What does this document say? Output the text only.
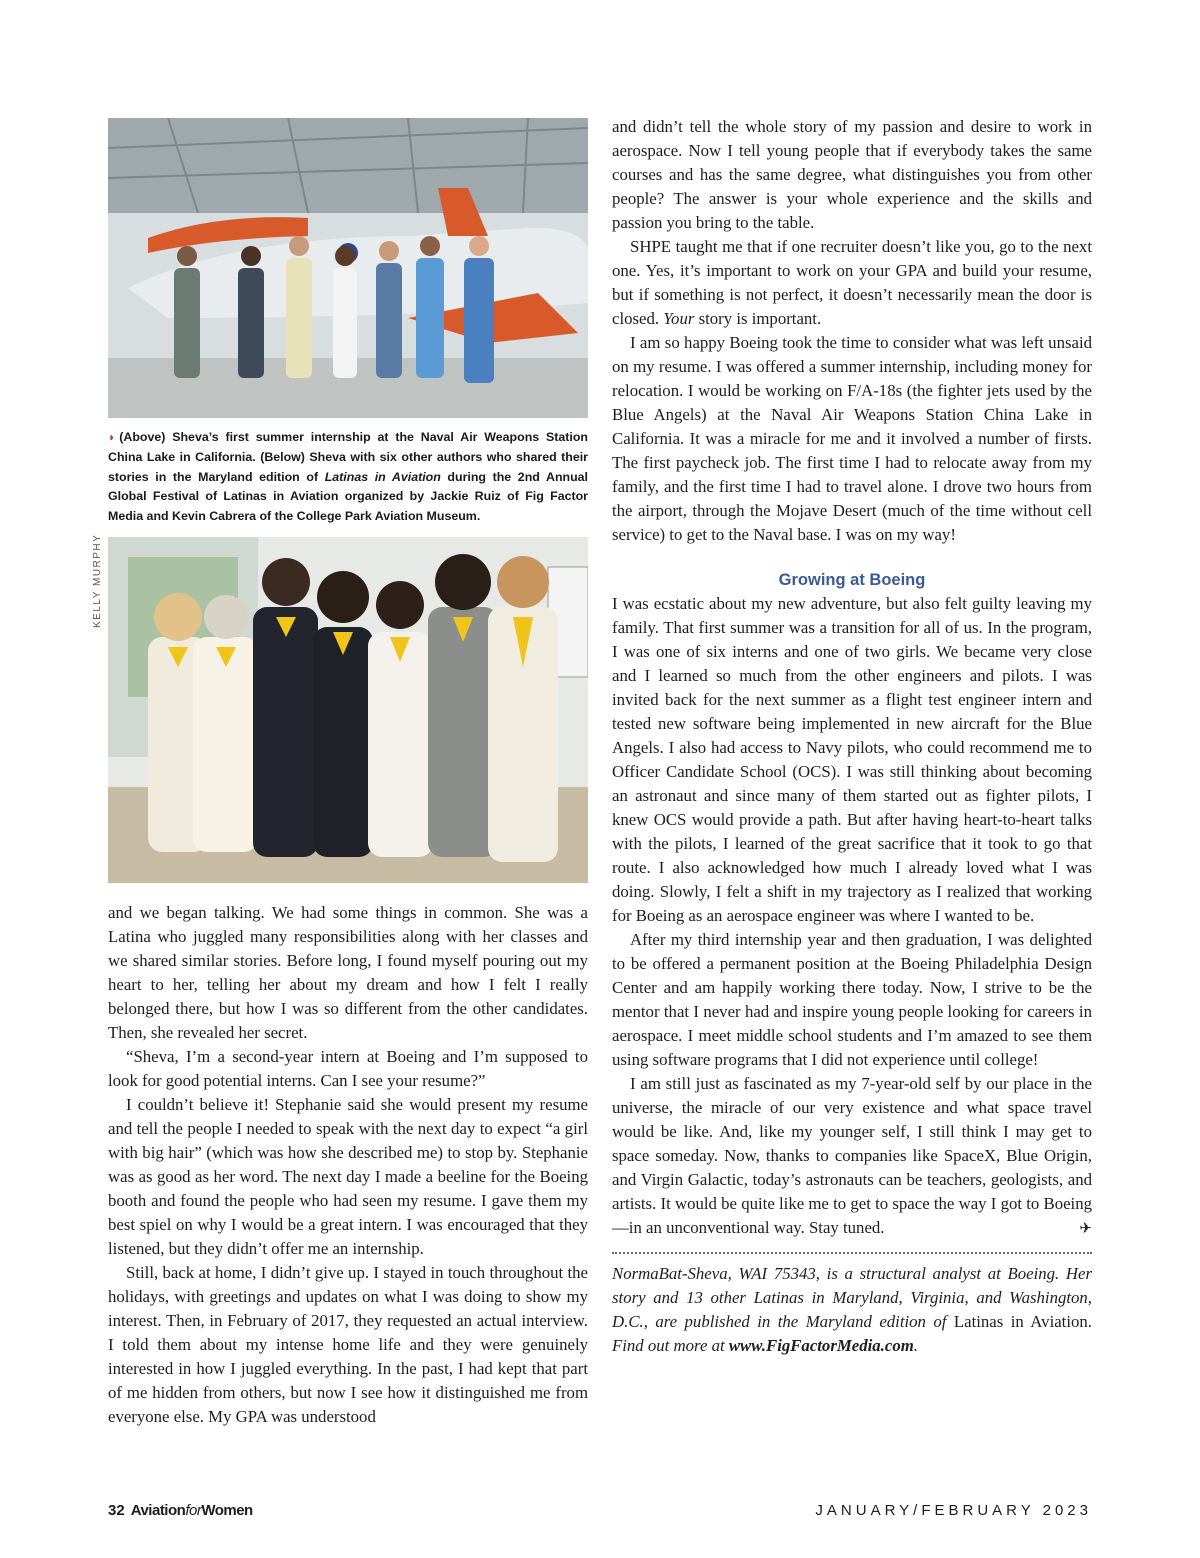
◗ (Above) Sheva’s first summer internship at the Naval Air Weapons Station China Lake in California. (Below) Sheva with six other authors who shared their stories in the Maryland edition of Latinas in Aviation during the 2nd Annual Global Festival of Latinas in Aviation organized by Jackie Ruiz of Fig Factor Media and Kevin Cabrera of the College Park Aviation Museum.
KELLY MURPHY

and we began talking. We had some things in common. She was a Latina who juggled many responsibilities along with her classes and we shared similar stories. Before long, I found myself pouring out my heart to her, telling her about my dream and how I felt I really belonged there, but how I was so different from the other candidates. Then, she revealed her secret.

“Sheva, I’m a second-year intern at Boeing and I’m supposed to look for good potential interns. Can I see your resume?”

I couldn’t believe it! Stephanie said she would present my resume and tell the people I needed to speak with the next day to expect “a girl with big hair” (which was how she described me) to stop by. Stephanie was as good as her word. The next day I made a beeline for the Boeing booth and found the people who had seen my resume. I gave them my best spiel on why I would be a great intern. I was encouraged that they listened, but they didn’t offer me an internship.

Still, back at home, I didn’t give up. I stayed in touch throughout the holidays, with greetings and updates on what I was doing to show my interest. Then, in February of 2017, they requested an actual interview. I told them about my intense home life and they were genuinely interested in how I juggled everything. In the past, I had kept that part of me hidden from others, but now I see how it distinguished me from everyone else. My GPA was understood

and didn’t tell the whole story of my passion and desire to work in aerospace. Now I tell young people that if everybody takes the same courses and has the same degree, what distinguishes you from other people? The answer is your whole experience and the skills and passion you bring to the table.

SHPE taught me that if one recruiter doesn’t like you, go to the next one. Yes, it’s important to work on your GPA and build your resume, but if something is not perfect, it doesn’t necessarily mean the door is closed. Your story is important.

I am so happy Boeing took the time to consider what was left unsaid on my resume. I was offered a summer internship, including money for relocation. I would be working on F/A-18s (the fighter jets used by the Blue Angels) at the Naval Air Weapons Station China Lake in California. It was a miracle for me and it involved a number of firsts. The first paycheck job. The first time I had to relocate away from my family, and the first time I had to travel alone. I drove two hours from the airport, through the Mojave Desert (much of the time without cell service) to get to the Naval base. I was on my way!

Growing at Boeing

I was ecstatic about my new adventure, but also felt guilty leaving my family. That first summer was a transition for all of us. In the program, I was one of six interns and one of two girls. We became very close and I learned so much from the other engineers and pilots. I was invited back for the next summer as a flight test engineer intern and tested new software being implemented in new aircraft for the Blue Angels. I also had access to Navy pilots, who could recommend me to Officer Candidate School (OCS). I was still thinking about becoming an astronaut and since many of them started out as fighter pilots, I knew OCS would provide a path. But after having heart-to-heart talks with the pilots, I learned of the great sacrifice that it took to go that route. I also acknowledged how much I already loved what I was doing. Slowly, I felt a shift in my trajectory as I realized that working for Boeing as an aerospace engineer was where I wanted to be.

After my third internship year and then graduation, I was delighted to be offered a permanent position at the Boeing Philadelphia Design Center and am happily working there today. Now, I strive to be the mentor that I never had and inspire young people looking for careers in aerospace. I meet middle school students and I’m amazed to see them using software programs that I did not experience until college!

I am still just as fascinated as my 7-year-old self by our place in the universe, the miracle of our very existence and what space travel would be like. And, like my younger self, I still think I may get to space someday. Now, thanks to companies like SpaceX, Blue Origin, and Virgin Galactic, today’s astronauts can be teachers, geologists, and artists. It would be quite like me to get to space the way I got to Boeing—in an unconventional way. Stay tuned.	✈

NormaBat-Sheva, WAI 75343, is a structural analyst at Boeing. Her story and 13 other Latinas in Maryland, Virginia, and Washington, D.C., are published in the Maryland edition of Latinas in Aviation. Find out more at www.FigFactorMedia.com.

32 AviationforWomen	JANUARY/FEBRUARY 2023
